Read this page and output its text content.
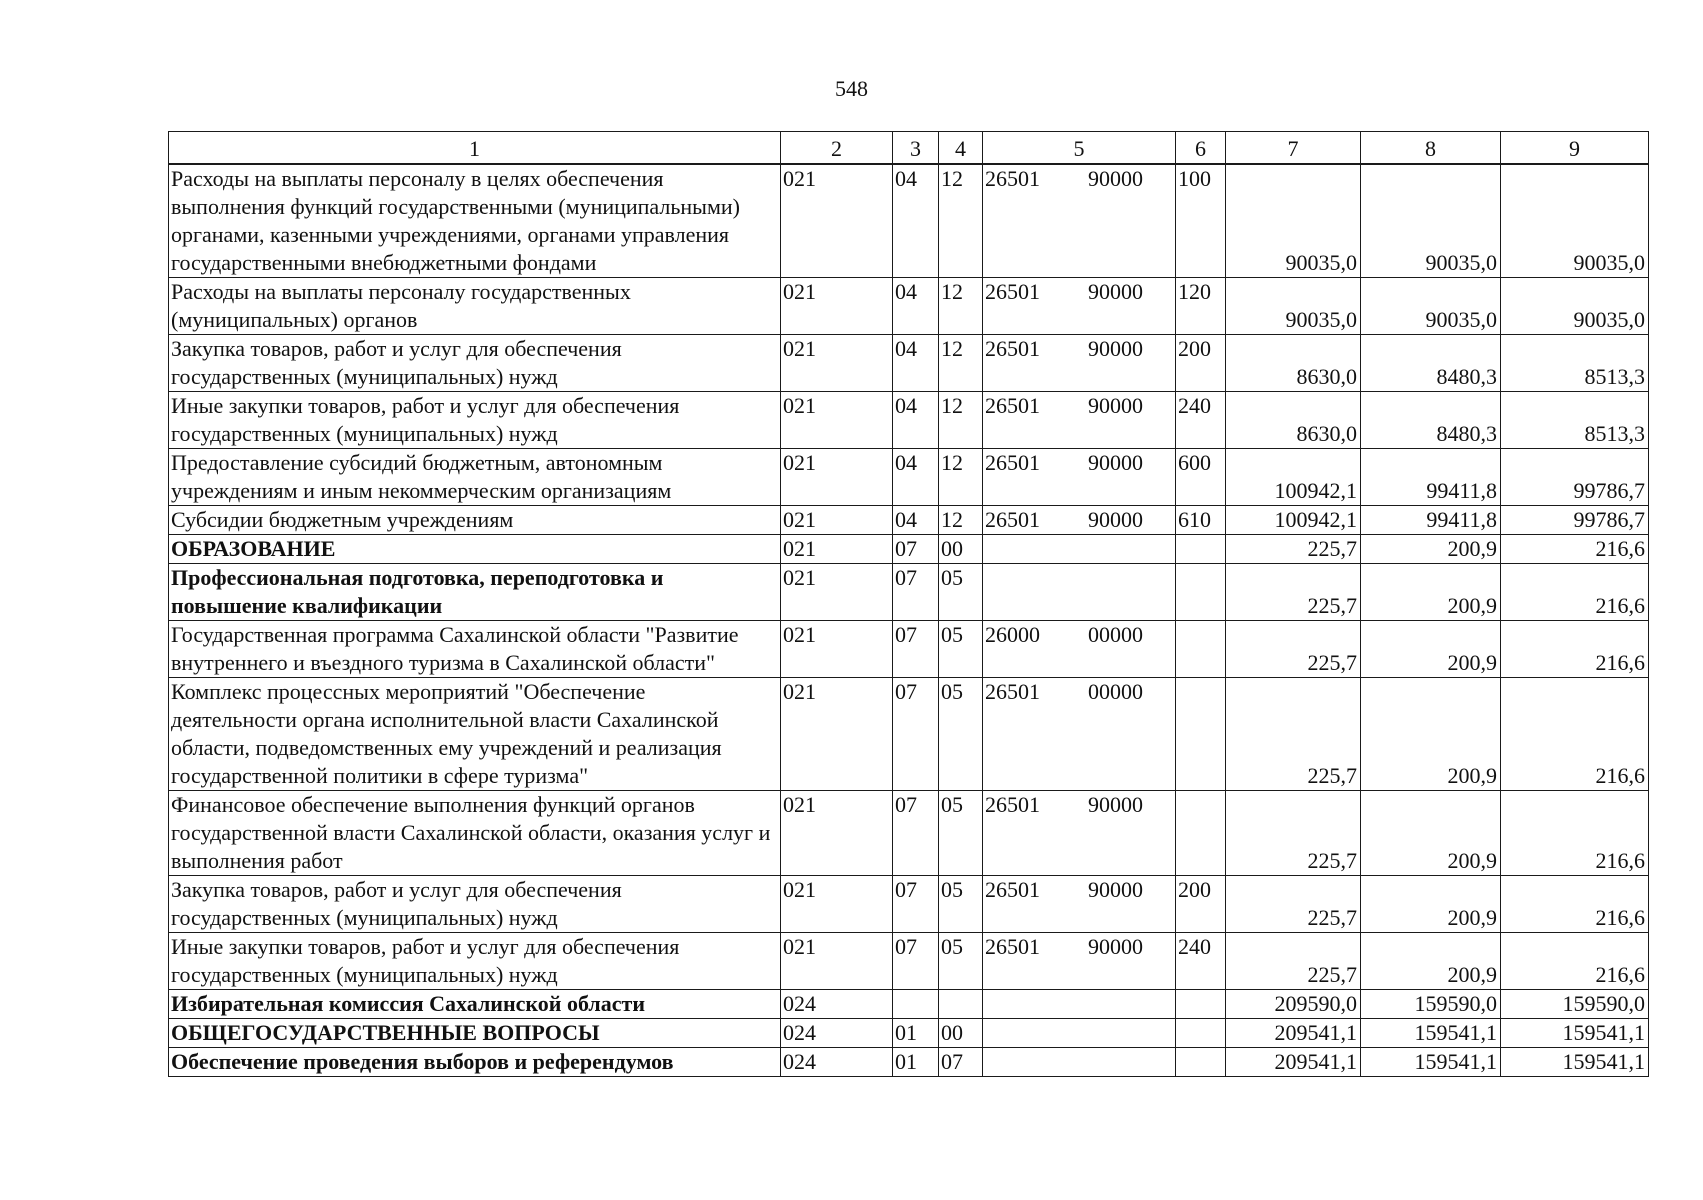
548
1	2	3	4	5	6	7	8	9
Расходы на выплаты персоналу в целях обеспечения выполнения функций государственными (муниципальными) органами, казенными учреждениями, органами управления государственными внебюджетными фондами	021	04	12	26501 90000	100	90035,0	90035,0	90035,0
Расходы на выплаты персоналу государственных (муниципальных) органов	021	04	12	26501 90000	120	90035,0	90035,0	90035,0
Закупка товаров, работ и услуг для обеспечения государственных (муниципальных) нужд	021	04	12	26501 90000	200	8630,0	8480,3	8513,3
Иные закупки товаров, работ и услуг для обеспечения государственных (муниципальных) нужд	021	04	12	26501 90000	240	8630,0	8480,3	8513,3
Предоставление субсидий бюджетным, автономным учреждениям и иным некоммерческим организациям	021	04	12	26501 90000	600	100942,1	99411,8	99786,7
Субсидии бюджетным учреждениям	021	04	12	26501 90000	610	100942,1	99411,8	99786,7
ОБРАЗОВАНИЕ	021	07	00			225,7	200,9	216,6
Профессиональная подготовка, переподготовка и повышение квалификации	021	07	05			225,7	200,9	216,6
Государственная программа Сахалинской области "Развитие внутреннего и въездного туризма в Сахалинской области"	021	07	05	26000 00000		225,7	200,9	216,6
Комплекс процессных мероприятий "Обеспечение деятельности органа исполнительной власти Сахалинской области, подведомственных ему учреждений и реализация государственной политики в сфере туризма"	021	07	05	26501 00000		225,7	200,9	216,6
Финансовое обеспечение выполнения функций органов государственной власти Сахалинской области, оказания услуг и выполнения работ	021	07	05	26501 90000		225,7	200,9	216,6
Закупка товаров, работ и услуг для обеспечения государственных (муниципальных) нужд	021	07	05	26501 90000	200	225,7	200,9	216,6
Иные закупки товаров, работ и услуг для обеспечения государственных (муниципальных) нужд	021	07	05	26501 90000	240	225,7	200,9	216,6
Избирательная комиссия Сахалинской области	024					209590,0	159590,0	159590,0
ОБЩЕГОСУДАРСТВЕННЫЕ ВОПРОСЫ	024	01	00			209541,1	159541,1	159541,1
Обеспечение проведения выборов и референдумов	024	01	07			209541,1	159541,1	159541,1
